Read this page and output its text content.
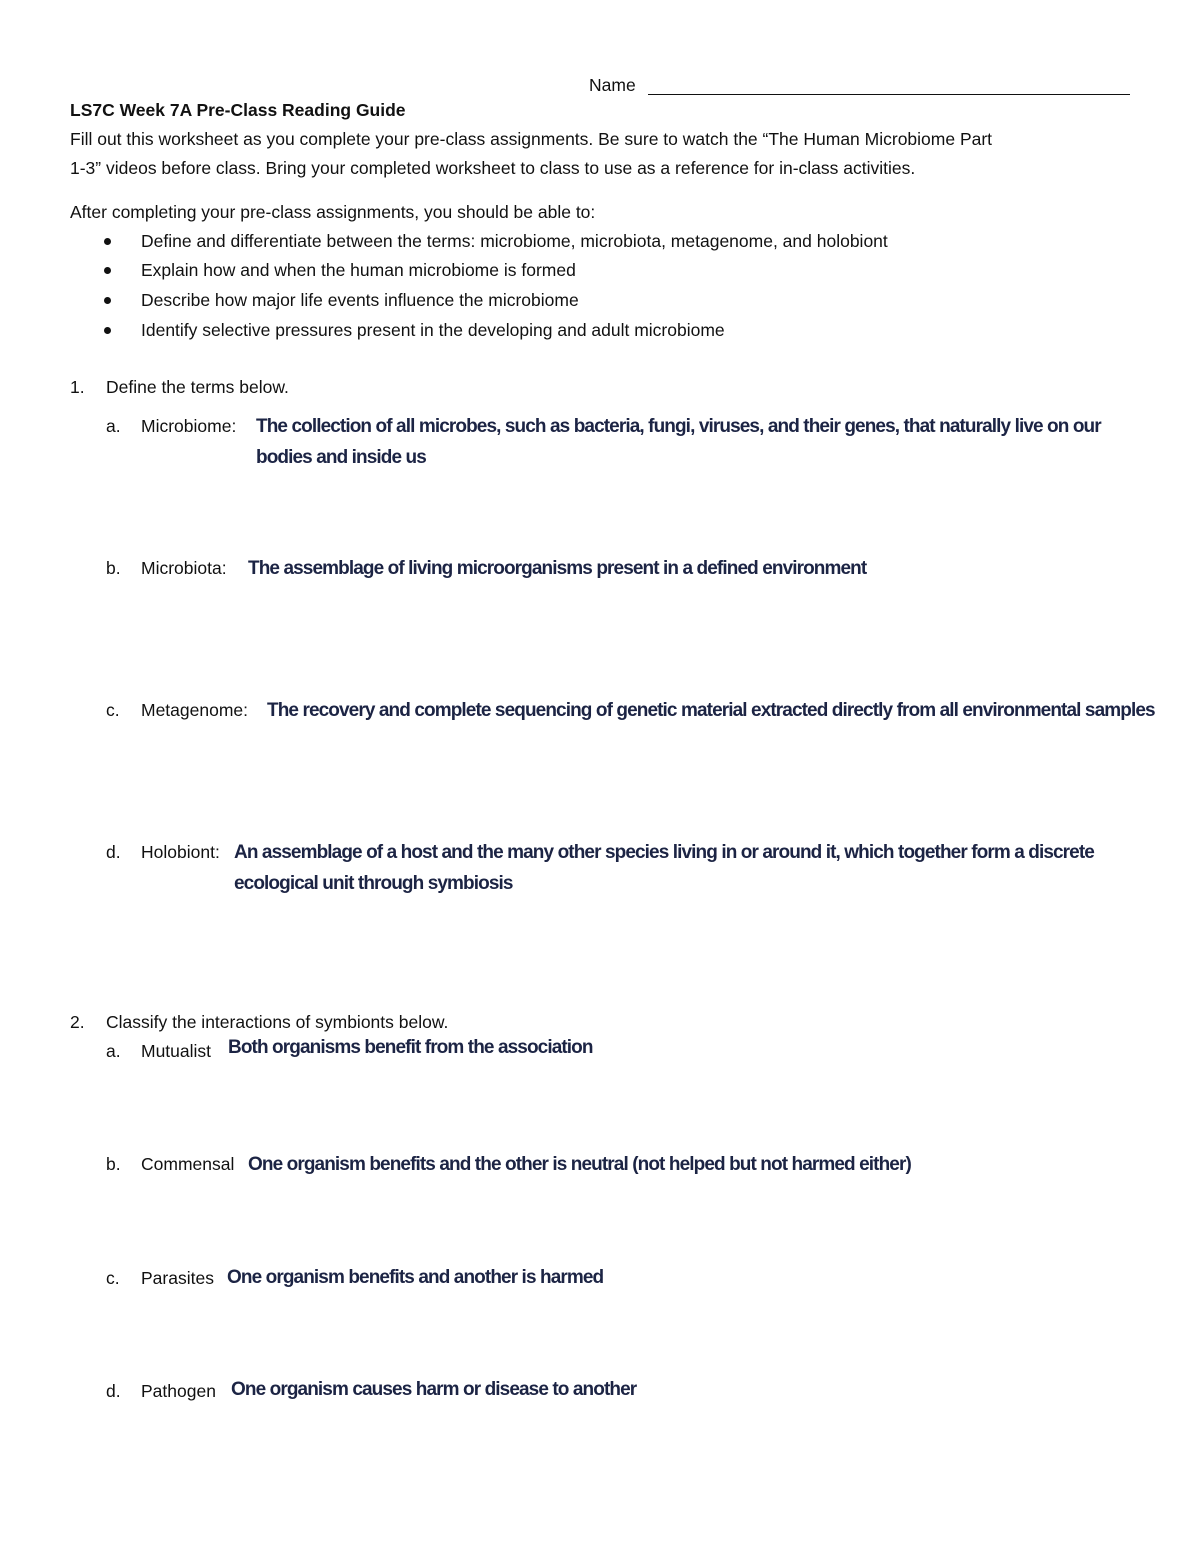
Name
LS7C Week 7A Pre-Class Reading Guide
Fill out this worksheet as you complete your pre-class assignments. Be sure to watch the “The Human Microbiome Part
1-3” videos before class. Bring your completed worksheet to class to use as a reference for in-class activities.
After completing your pre-class assignments, you should be able to:
Define and differentiate between the terms: microbiome, microbiota, metagenome, and holobiont
Explain how and when the human microbiome is formed
Describe how major life events influence the microbiome
Identify selective pressures present in the developing and adult microbiome
1. Define the terms below.
a. Microbiome: The collection of all microbes, such as bacteria, fungi, viruses, and their genes, that naturally live on our bodies and inside us
b. Microbiota: The assemblage of living microorganisms present in a defined environment
c. Metagenome: The recovery and complete sequencing of genetic material extracted directly from all environmental samples
d. Holobiont: An assemblage of a host and the many other species living in or around it, which together form a discrete ecological unit through symbiosis
2. Classify the interactions of symbionts below.
a. Mutualist Both organisms benefit from the association
b. Commensal One organism benefits and the other is neutral (not helped but not harmed either)
c. Parasites One organism benefits and another is harmed
d. Pathogen One organism causes harm or disease to another
